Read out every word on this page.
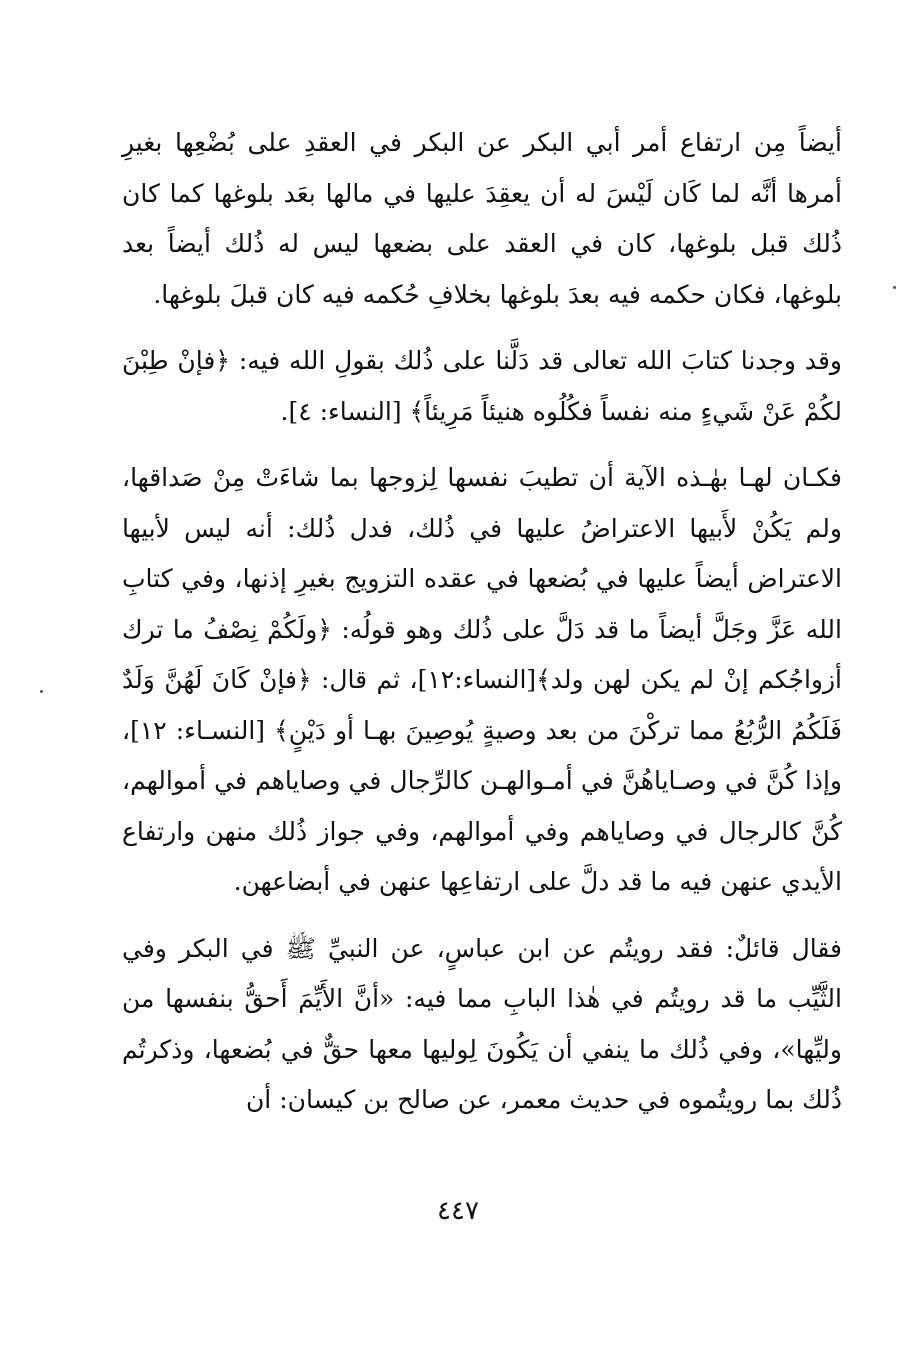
أيضاً مِن ارتفاع أمر أبي البكر عن البكر في العقدِ على بُضْعِها بغيرِ أمرها أنَّه لما كَان لَيْسَ له أن يعقِدَ عليها في مالها بعَد بلوغها كما كان ذُلك قبل بلوغها، كان في العقد على بضعها ليس له ذُلك أيضاً بعد بلوغها، فكان حكمه فيه بعدَ بلوغها بخلافِ حُكمه فيه كان قبلَ بلوغها.

وقد وجدنا كتابَ الله تعالى قد دَلَّنا على ذُلك بقولِ الله فيه: ﴿فإنْ طِبْنَ لكُمْ عَنْ شَيءٍ منه نفساً فكُلُوه هنيئاً مَرِيئاً﴾ [النساء: ٤].

فكـان لهـا بهٰـذه الآية أن تطيبَ نفسها لِزوجها بما شاءَتْ مِنْ صَداقها، ولم يَكُنْ لأَبيها الاعتراضُ عليها في ذُلك، فدل ذُلك: أنه ليس لأبيها الاعتراض أيضاً عليها في بُضعها في عقده التزويج بغيرِ إذنها، وفي كتابِ الله عَزَّ وجَلَّ أيضاً ما قد دَلَّ على ذُلك وهو قولُه: ﴿ولَكُمْ نِصْفُ ما ترك أزواجُكم إنْ لم يكن لهن ولد﴾[النساء:١٢]، ثم قال: ﴿فإنْ كَانَ لَهُنَّ وَلَدٌ فَلَكُمُ الرُّبُعُ مما تركْنَ من بعد وصيةٍ يُوصِينَ بهـا أو دَيْنٍ﴾ [النسـاء: ١٢]، وإذا كُنَّ في وصـاياهُنَّ في أمـوالهـن كالرِّجال في وصاياهم في أموالهم، كُنَّ كالرجال في وصاياهم وفي أموالهم، وفي جواز ذُلك منهن وارتفاع الأيدي عنهن فيه ما قد دلَّ على ارتفاعِها عنهن في أبضاعهن.

فقال قائلٌ: فقد رويتُم عن ابن عباسٍ، عن النبيِّ ﷺ في البكر وفي الثَّيِّب ما قد رويتُم في هٰذا البابِ مما فيه: «أنَّ الأَيِّمَ أَحقُّ بنفسها من وليِّها»، وفي ذُلك ما ينفي أن يَكُونَ لِوليها معها حقٌّ في بُضعها، وذكرتُم ذُلك بما رويتُموه في حديث معمر، عن صالح بن كيسان: أن

٤٤٧
